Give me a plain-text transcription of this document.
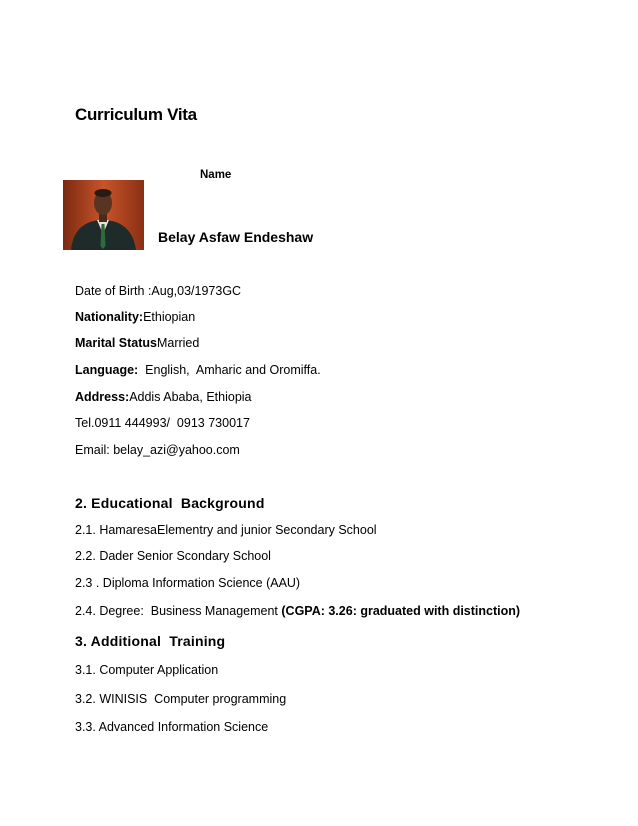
Curriculum Vita
Name
Belay Asfaw Endeshaw
Date of Birth :Aug,03/1973GC
Nationality:Ethiopian
Marital StatusMarried
Language:  English,  Amharic and Oromiffa.
Address:Addis Ababa, Ethiopia
Tel.0911 444993/  0913 730017
Email: belay_azi@yahoo.com
2. Educational  Background
2.1. HamaresaElementry and junior Secondary School
2.2. Dader Senior Scondary School
2.3 . Diploma Information Science (AAU)
2.4. Degree:  Business Management (CGPA: 3.26: graduated with distinction)
3. Additional  Training
3.1. Computer Application
3.2. WINISIS  Computer programming
3.3. Advanced Information Science
